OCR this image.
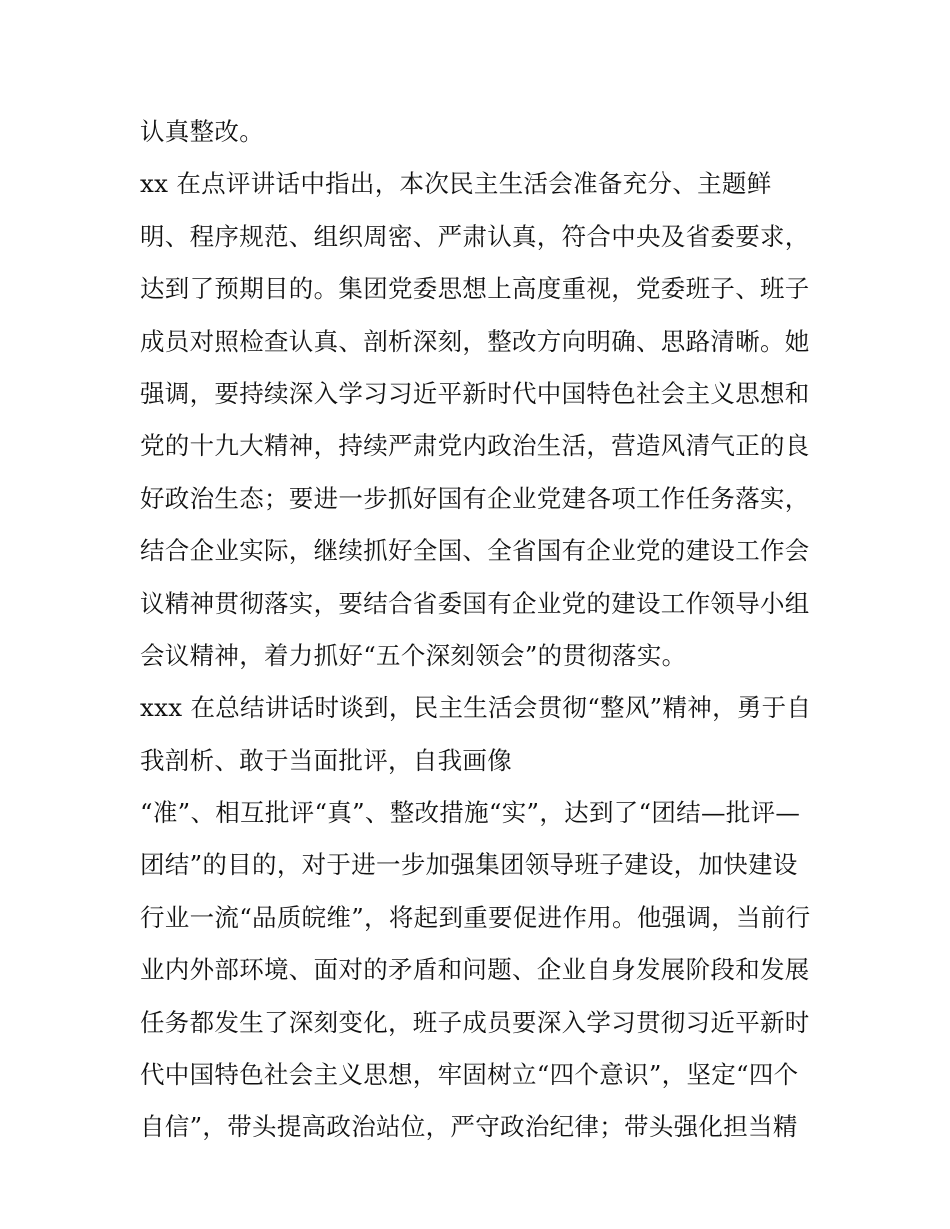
认真整改。
xx 在点评讲话中指出，本次民主生活会准备充分、主题鲜
明、程序规范、组织周密、严肃认真，符合中央及省委要求，
达到了预期目的。集团党委思想上高度重视，党委班子、班子
成员对照检查认真、剖析深刻，整改方向明确、思路清晰。她
强调，要持续深入学习习近平新时代中国特色社会主义思想和
党的十九大精神，持续严肃党内政治生活，营造风清气正的良
好政治生态；要进一步抓好国有企业党建各项工作任务落实，
结合企业实际，继续抓好全国、全省国有企业党的建设工作会
议精神贯彻落实，要结合省委国有企业党的建设工作领导小组
会议精神，着力抓好“五个深刻领会”的贯彻落实。
xxx 在总结讲话时谈到，民主生活会贯彻“整风”精神，勇于自
我剖析、敢于当面批评，自我画像
“准”、相互批评“真”、整改措施“实”，达到了“团结—批评—
团结”的目的，对于进一步加强集团领导班子建设，加快建设
行业一流“品质皖维”，将起到重要促进作用。他强调，当前行
业内外部环境、面对的矛盾和问题、企业自身发展阶段和发展
任务都发生了深刻变化，班子成员要深入学习贯彻习近平新时
代中国特色社会主义思想，牢固树立“四个意识”，坚定“四个
自信”，带头提高政治站位，严守政治纪律；带头强化担当精
